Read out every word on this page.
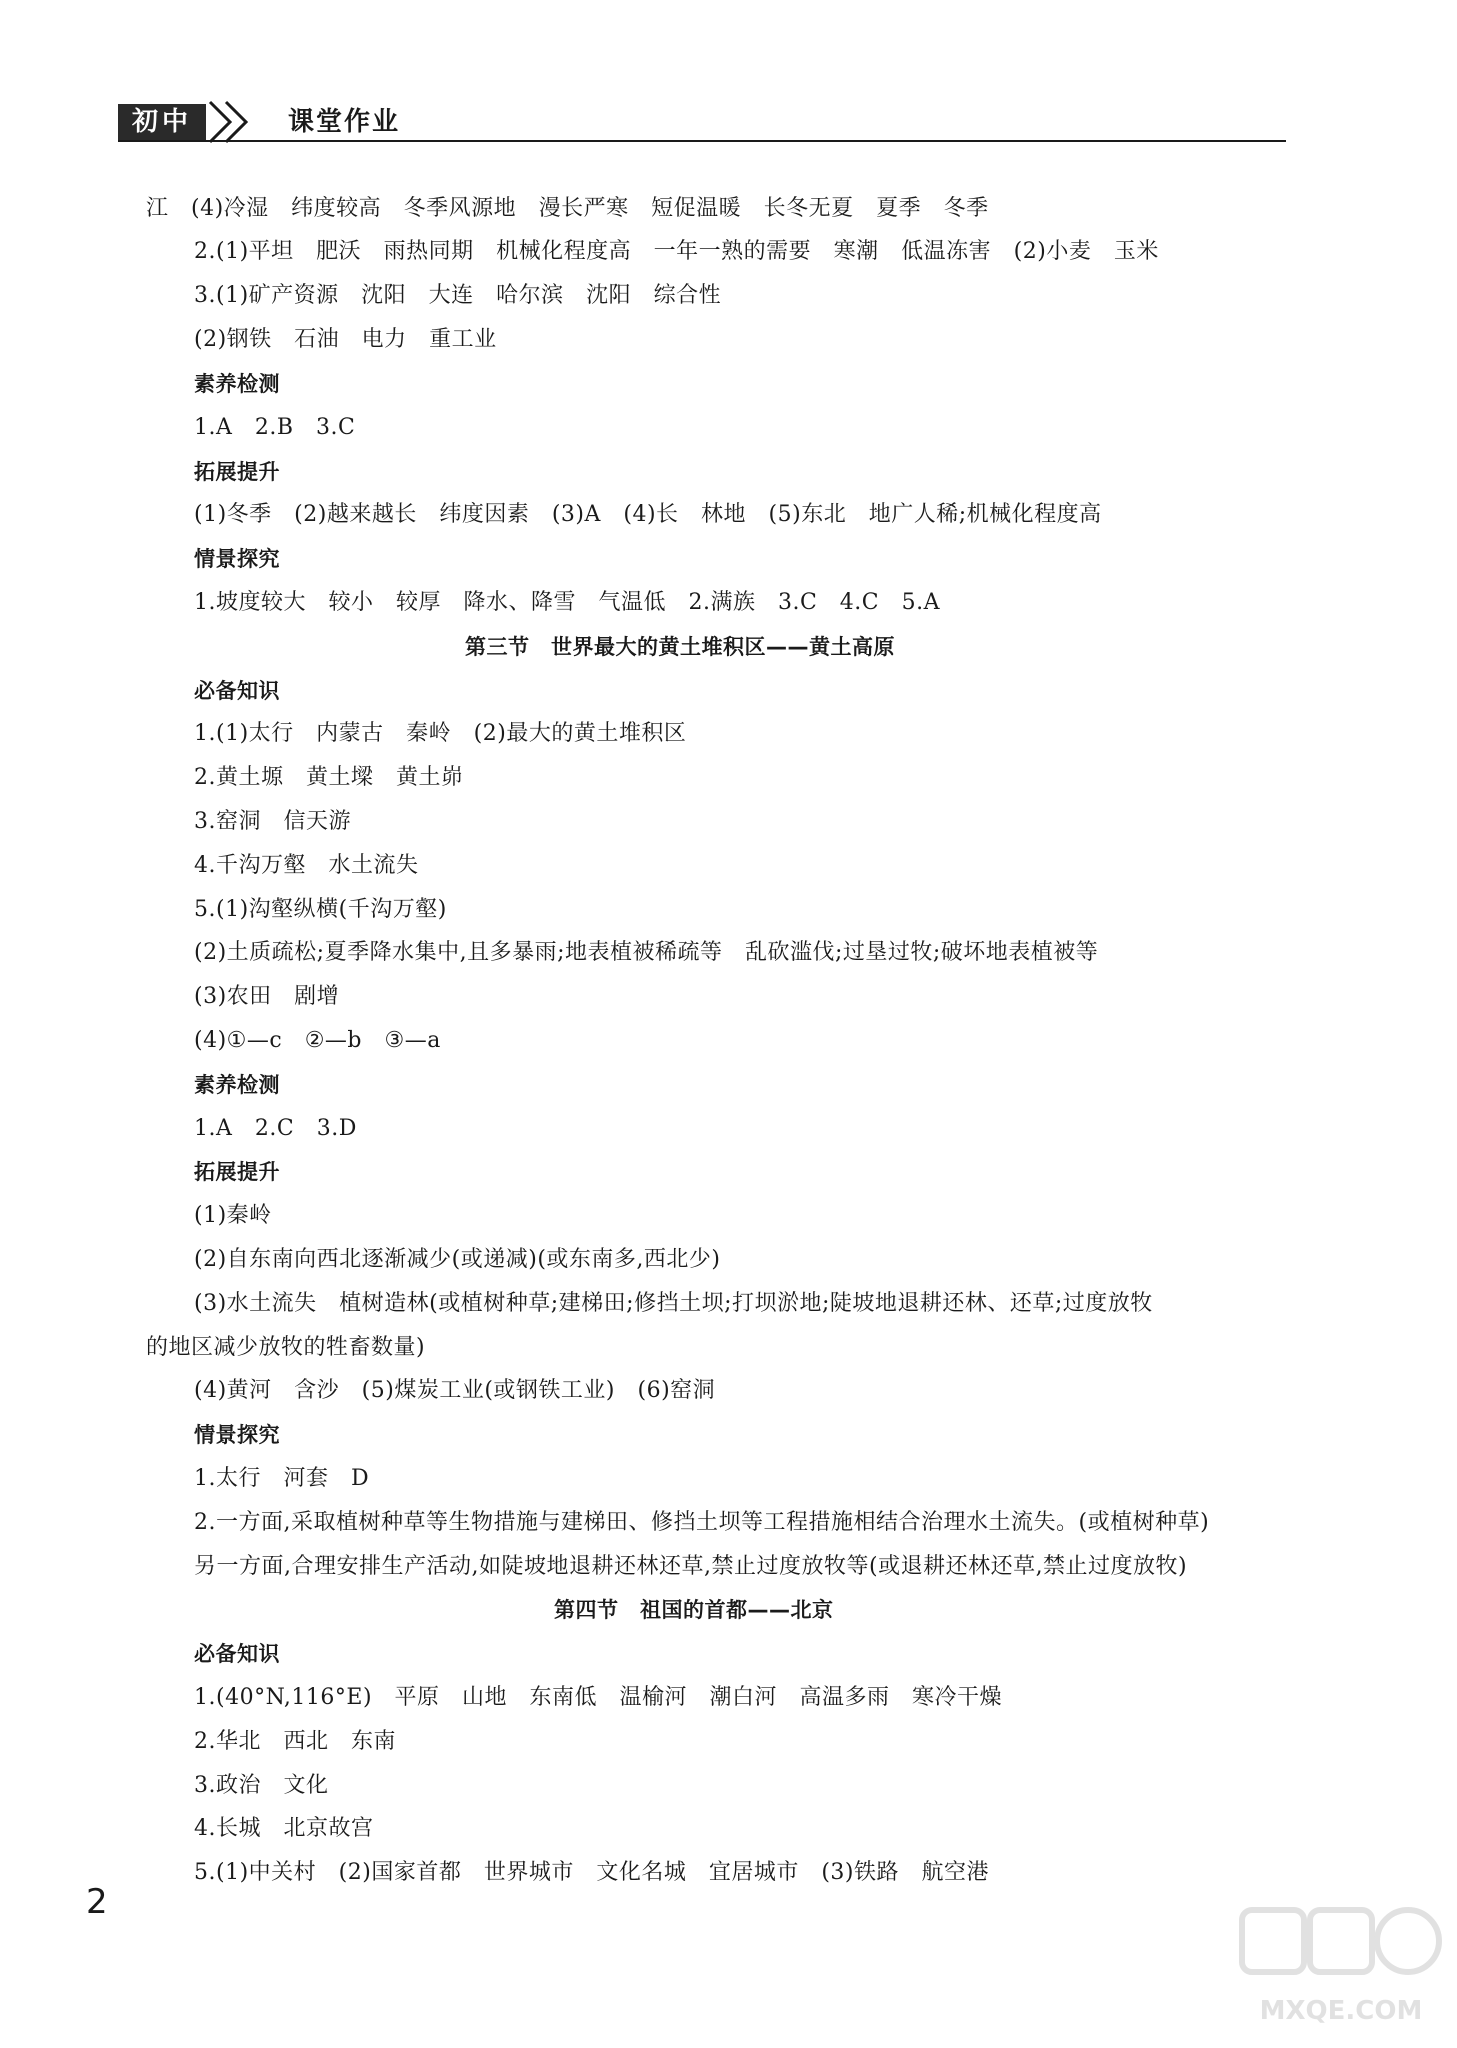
初中	课堂作业
江　(4)冷湿　纬度较高　冬季风源地　漫长严寒　短促温暖　长冬无夏　夏季　冬季
2.(1)平坦　肥沃　雨热同期　机械化程度高　一年一熟的需要　寒潮　低温冻害　(2)小麦　玉米
3.(1)矿产资源　沈阳　大连　哈尔滨　沈阳　综合性
(2)钢铁　石油　电力　重工业
素养检测
1.A　2.B　3.C
拓展提升
(1)冬季　(2)越来越长　纬度因素　(3)A　(4)长　林地　(5)东北　地广人稀;机械化程度高
情景探究
1.坡度较大　较小　较厚　降水、降雪　气温低　2.满族　3.C　4.C　5.A
第三节　世界最大的黄土堆积区——黄土高原
必备知识
1.(1)太行　内蒙古　秦岭　(2)最大的黄土堆积区
2.黄土塬　黄土墚　黄土峁
3.窑洞　信天游
4.千沟万壑　水土流失
5.(1)沟壑纵横(千沟万壑)
(2)土质疏松;夏季降水集中,且多暴雨;地表植被稀疏等　乱砍滥伐;过垦过牧;破坏地表植被等
(3)农田　剧增
(4)①—c　②—b　③—a
素养检测
1.A　2.C　3.D
拓展提升
(1)秦岭
(2)自东南向西北逐渐减少(或递减)(或东南多,西北少)
(3)水土流失　植树造林(或植树种草;建梯田;修挡土坝;打坝淤地;陡坡地退耕还林、还草;过度放牧
的地区减少放牧的牲畜数量)
(4)黄河　含沙　(5)煤炭工业(或钢铁工业)　(6)窑洞
情景探究
1.太行　河套　D
2.一方面,采取植树种草等生物措施与建梯田、修挡土坝等工程措施相结合治理水土流失。(或植树种草)
另一方面,合理安排生产活动,如陡坡地退耕还林还草,禁止过度放牧等(或退耕还林还草,禁止过度放牧)
第四节　祖国的首都——北京
必备知识
1.(40°N,116°E)　平原　山地　东南低　温榆河　潮白河　高温多雨　寒冷干燥
2.华北　西北　东南
3.政治　文化
4.长城　北京故宫
5.(1)中关村　(2)国家首都　世界城市　文化名城　宜居城市　(3)铁路　航空港
2
MXQE.COM
